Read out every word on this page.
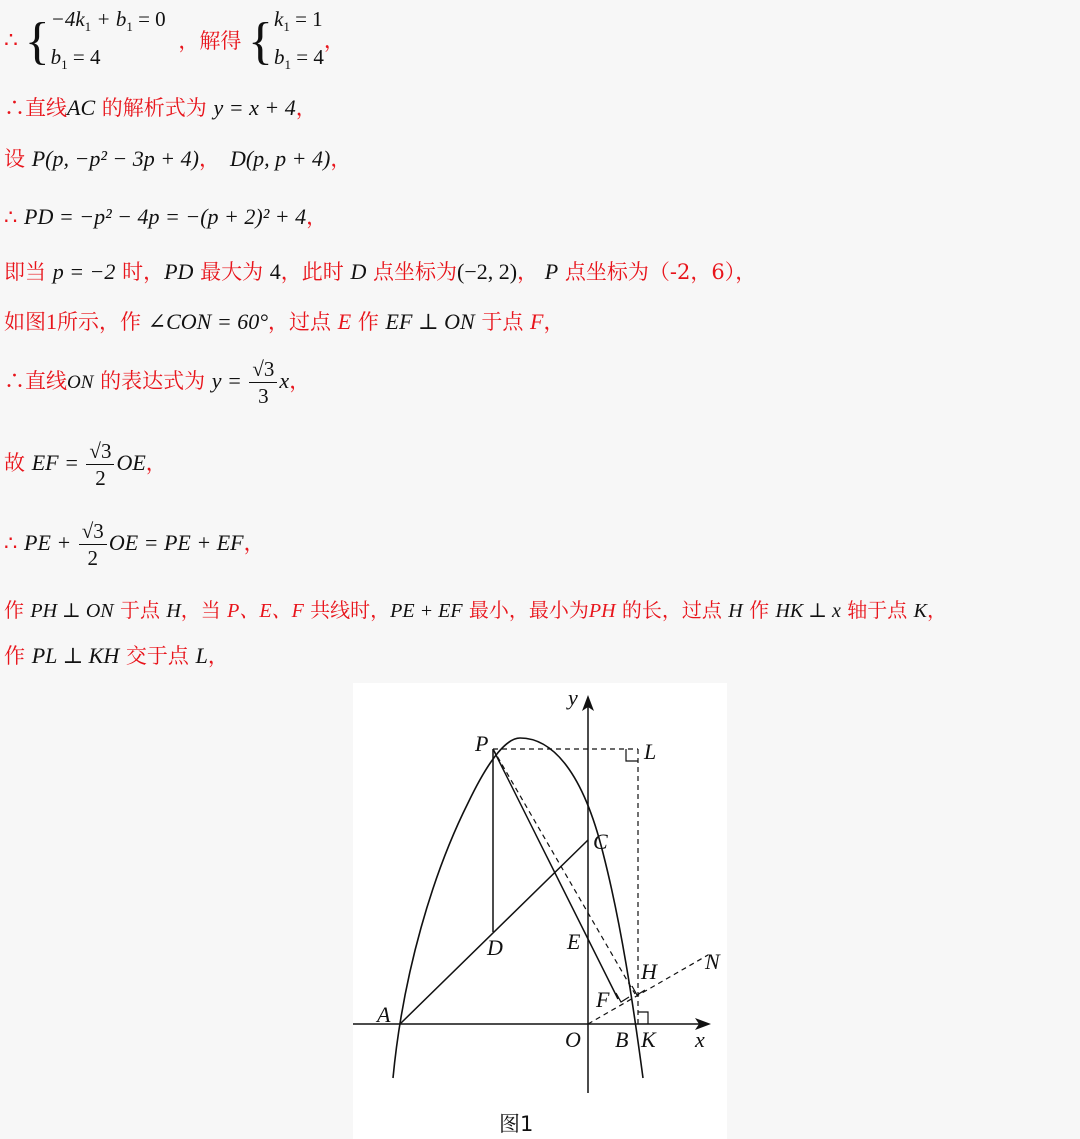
∴ { $-4k_1 + b_1 = 0$
$b_1 = 4$
，解得 { $k_1 = 1$
$b_1 = 4$
，
∴直线AC 的解析式为 y = x + 4，
设 P(p, −p² − 3p + 4)， D(p, p + 4)，
∴ PD = −p² − 4p = −(p + 2)² + 4，
即当 p = −2 时，PD 最大为 4，此时 D 点坐标为(−2, 2)， P 点坐标为（-2，6），
如图1所示，作 ∠CON = 60°，过点 E 作 EF ⊥ ON 于点 F，
∴直线ON 的表达式为 $y = \frac{√3}{3}$ x，
故 EF = $\frac{√3}{2}$ OE，
∴ PE + $\frac{√3}{2}$ OE = PE + EF，
作 PH ⊥ ON 于点 H，当 P、E、F 共线时，PE + EF 最小，最小为PH 的长，过点 H 作 HK ⊥ x 轴于点 K，
作 PL ⊥ KH 交于点 L，
y
x
P	L
C
D	E
H N
F
A
O B K
图1
